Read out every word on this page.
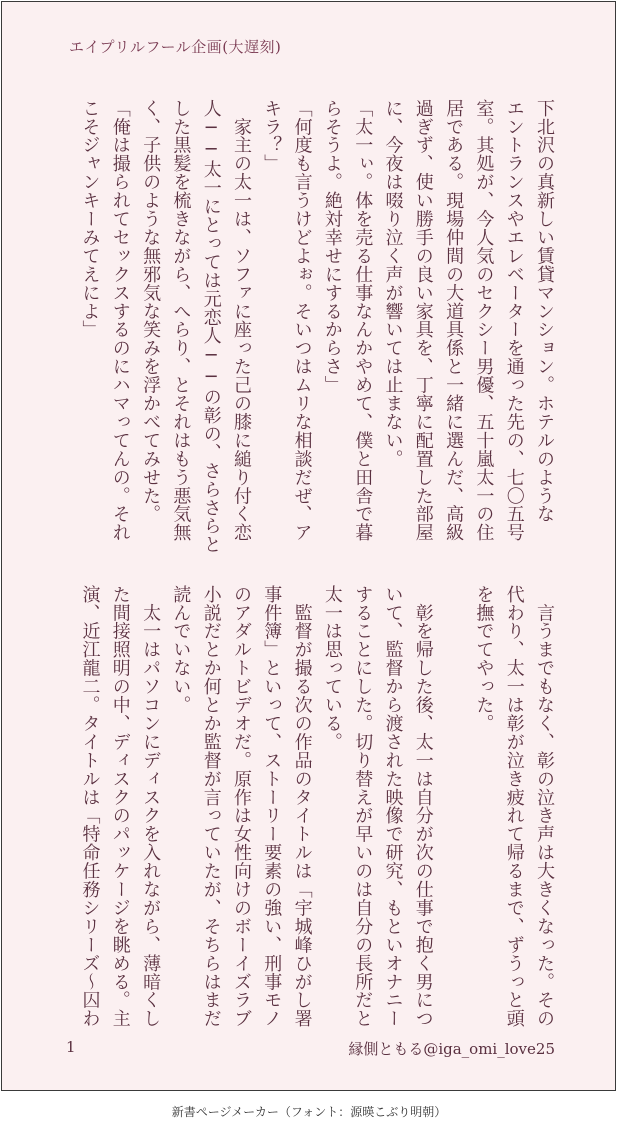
エイプリルフール企画(大遅刻)

下北沢の真新しい賃貸マンション。ホテルのような

エントランスやエレベーターを通った先の、七〇五号

室。其処が、今人気のセクシー男優、五十嵐太一の住

居である。現場仲間の大道具係と一緒に選んだ、高級

過ぎず、使い勝手の良い家具を、丁寧に配置した部屋

に、今夜は啜り泣く声が響いては止まない。

「太一ぃ。体を売る仕事なんかやめて、僕と田舎で暮

らそうよ。絶対幸せにするからさ」

「何度も言うけどよぉ。そいつはムリな相談だぜ、ア

キラ？」

　家主の太一は、ソファに座った己の膝に縋り付く恋

人──太一にとっては元恋人──の彰の、さらさらと

した黒髪を梳きながら、へらり、とそれはもう悪気無

く、子供のような無邪気な笑みを浮かべてみせた。

「俺は撮られてセックスするのにハマってんの。それ

こそジャンキーみてえによ」

　言うまでもなく、彰の泣き声は大きくなった。その

代わり、太一は彰が泣き疲れて帰るまで、ずうっと頭

を撫でてやった。

　彰を帰した後、太一は自分が次の仕事で抱く男につ

いて、監督から渡された映像で研究、もといオナニー

することにした。切り替えが早いのは自分の長所だと

太一は思っている。

　監督が撮る次の作品のタイトルは「宇城峰ひがし署

事件簿」といって、ストーリー要素の強い、刑事モノ

のアダルトビデオだ。原作は女性向けのボーイズラブ

小説だとか何とか監督が言っていたが、そちらはまだ

読んでいない。

　太一はパソコンにディスクを入れながら、薄暗くし

た間接照明の中、ディスクのパッケージを眺める。主

演、近江龍二。タイトルは「特命任務シリーズ～囚わ

1	縁側ともる@iga_omi_love25
新書ページメーカー（フォント：源暎こぶり明朝）
